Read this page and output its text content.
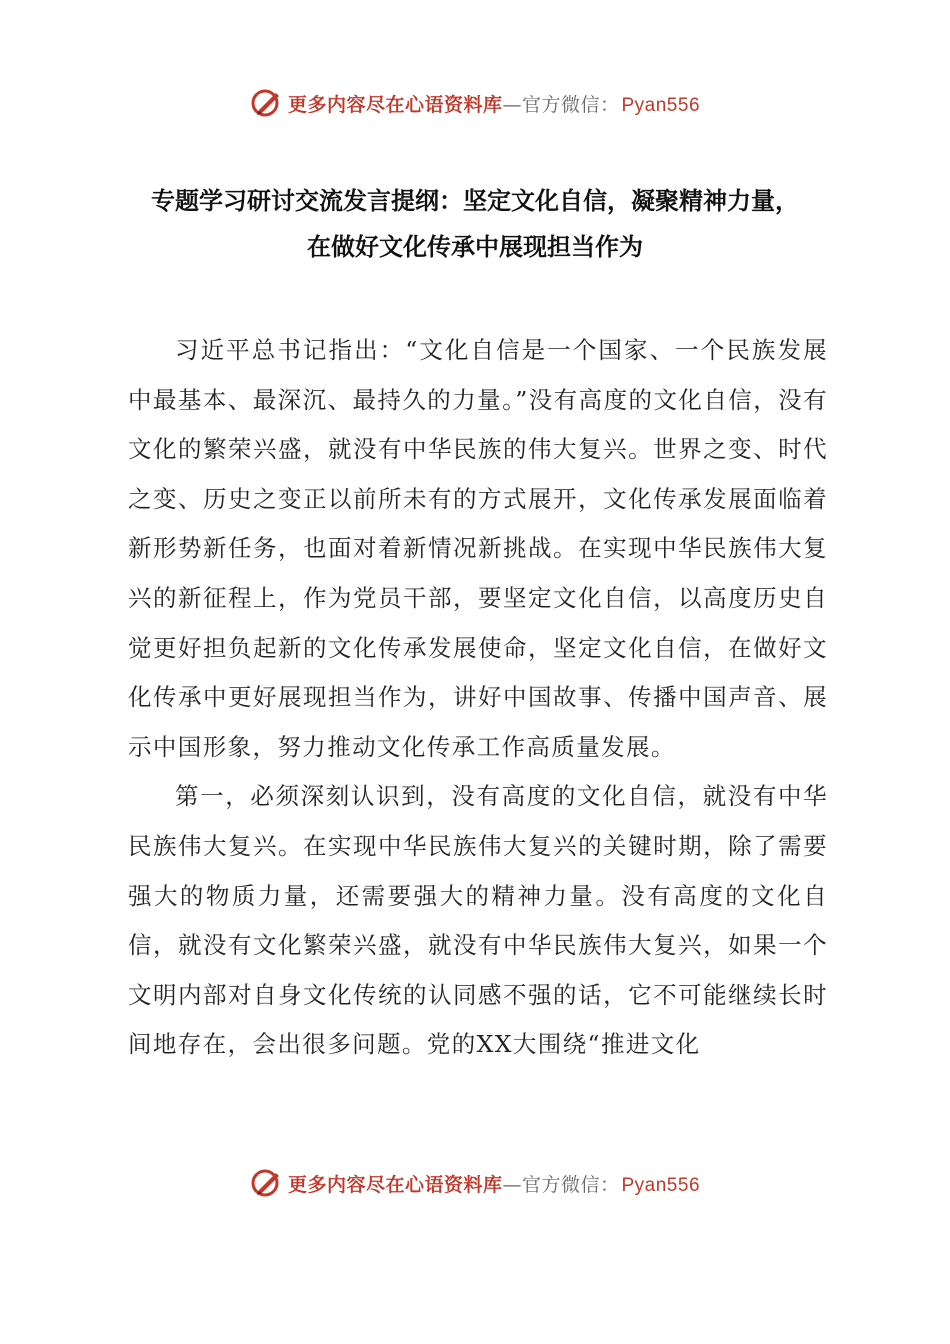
更多内容尽在心语资料库—官方微信： Pyan556
专题学习研讨交流发言提纲：坚定文化自信，凝聚精神力量，
在做好文化传承中展现担当作为

习近平总书记指出：“文化自信是一个国家、一个民族发展中最基本、最深沉、最持久的力量。”没有高度的文化自信，没有文化的繁荣兴盛，就没有中华民族的伟大复兴。世界之变、时代之变、历史之变正以前所未有的方式展开，文化传承发展面临着新形势新任务，也面对着新情况新挑战。在实现中华民族伟大复兴的新征程上，作为党员干部，要坚定文化自信，以高度历史自觉更好担负起新的文化传承发展使命，坚定文化自信，在做好文化传承中更好展现担当作为，讲好中国故事、传播中国声音、展示中国形象，努力推动文化传承工作高质量发展。

第一，必须深刻认识到，没有高度的文化自信，就没有中华民族伟大复兴。在实现中华民族伟大复兴的关键时期，除了需要强大的物质力量，还需要强大的精神力量。没有高度的文化自信，就没有文化繁荣兴盛，就没有中华民族伟大复兴，如果一个文明内部对自身文化传统的认同感不强的话，它不可能继续长时间地存在，会出很多问题。党的XX大围绕“推进文化

更多内容尽在心语资料库—官方微信： Pyan556
